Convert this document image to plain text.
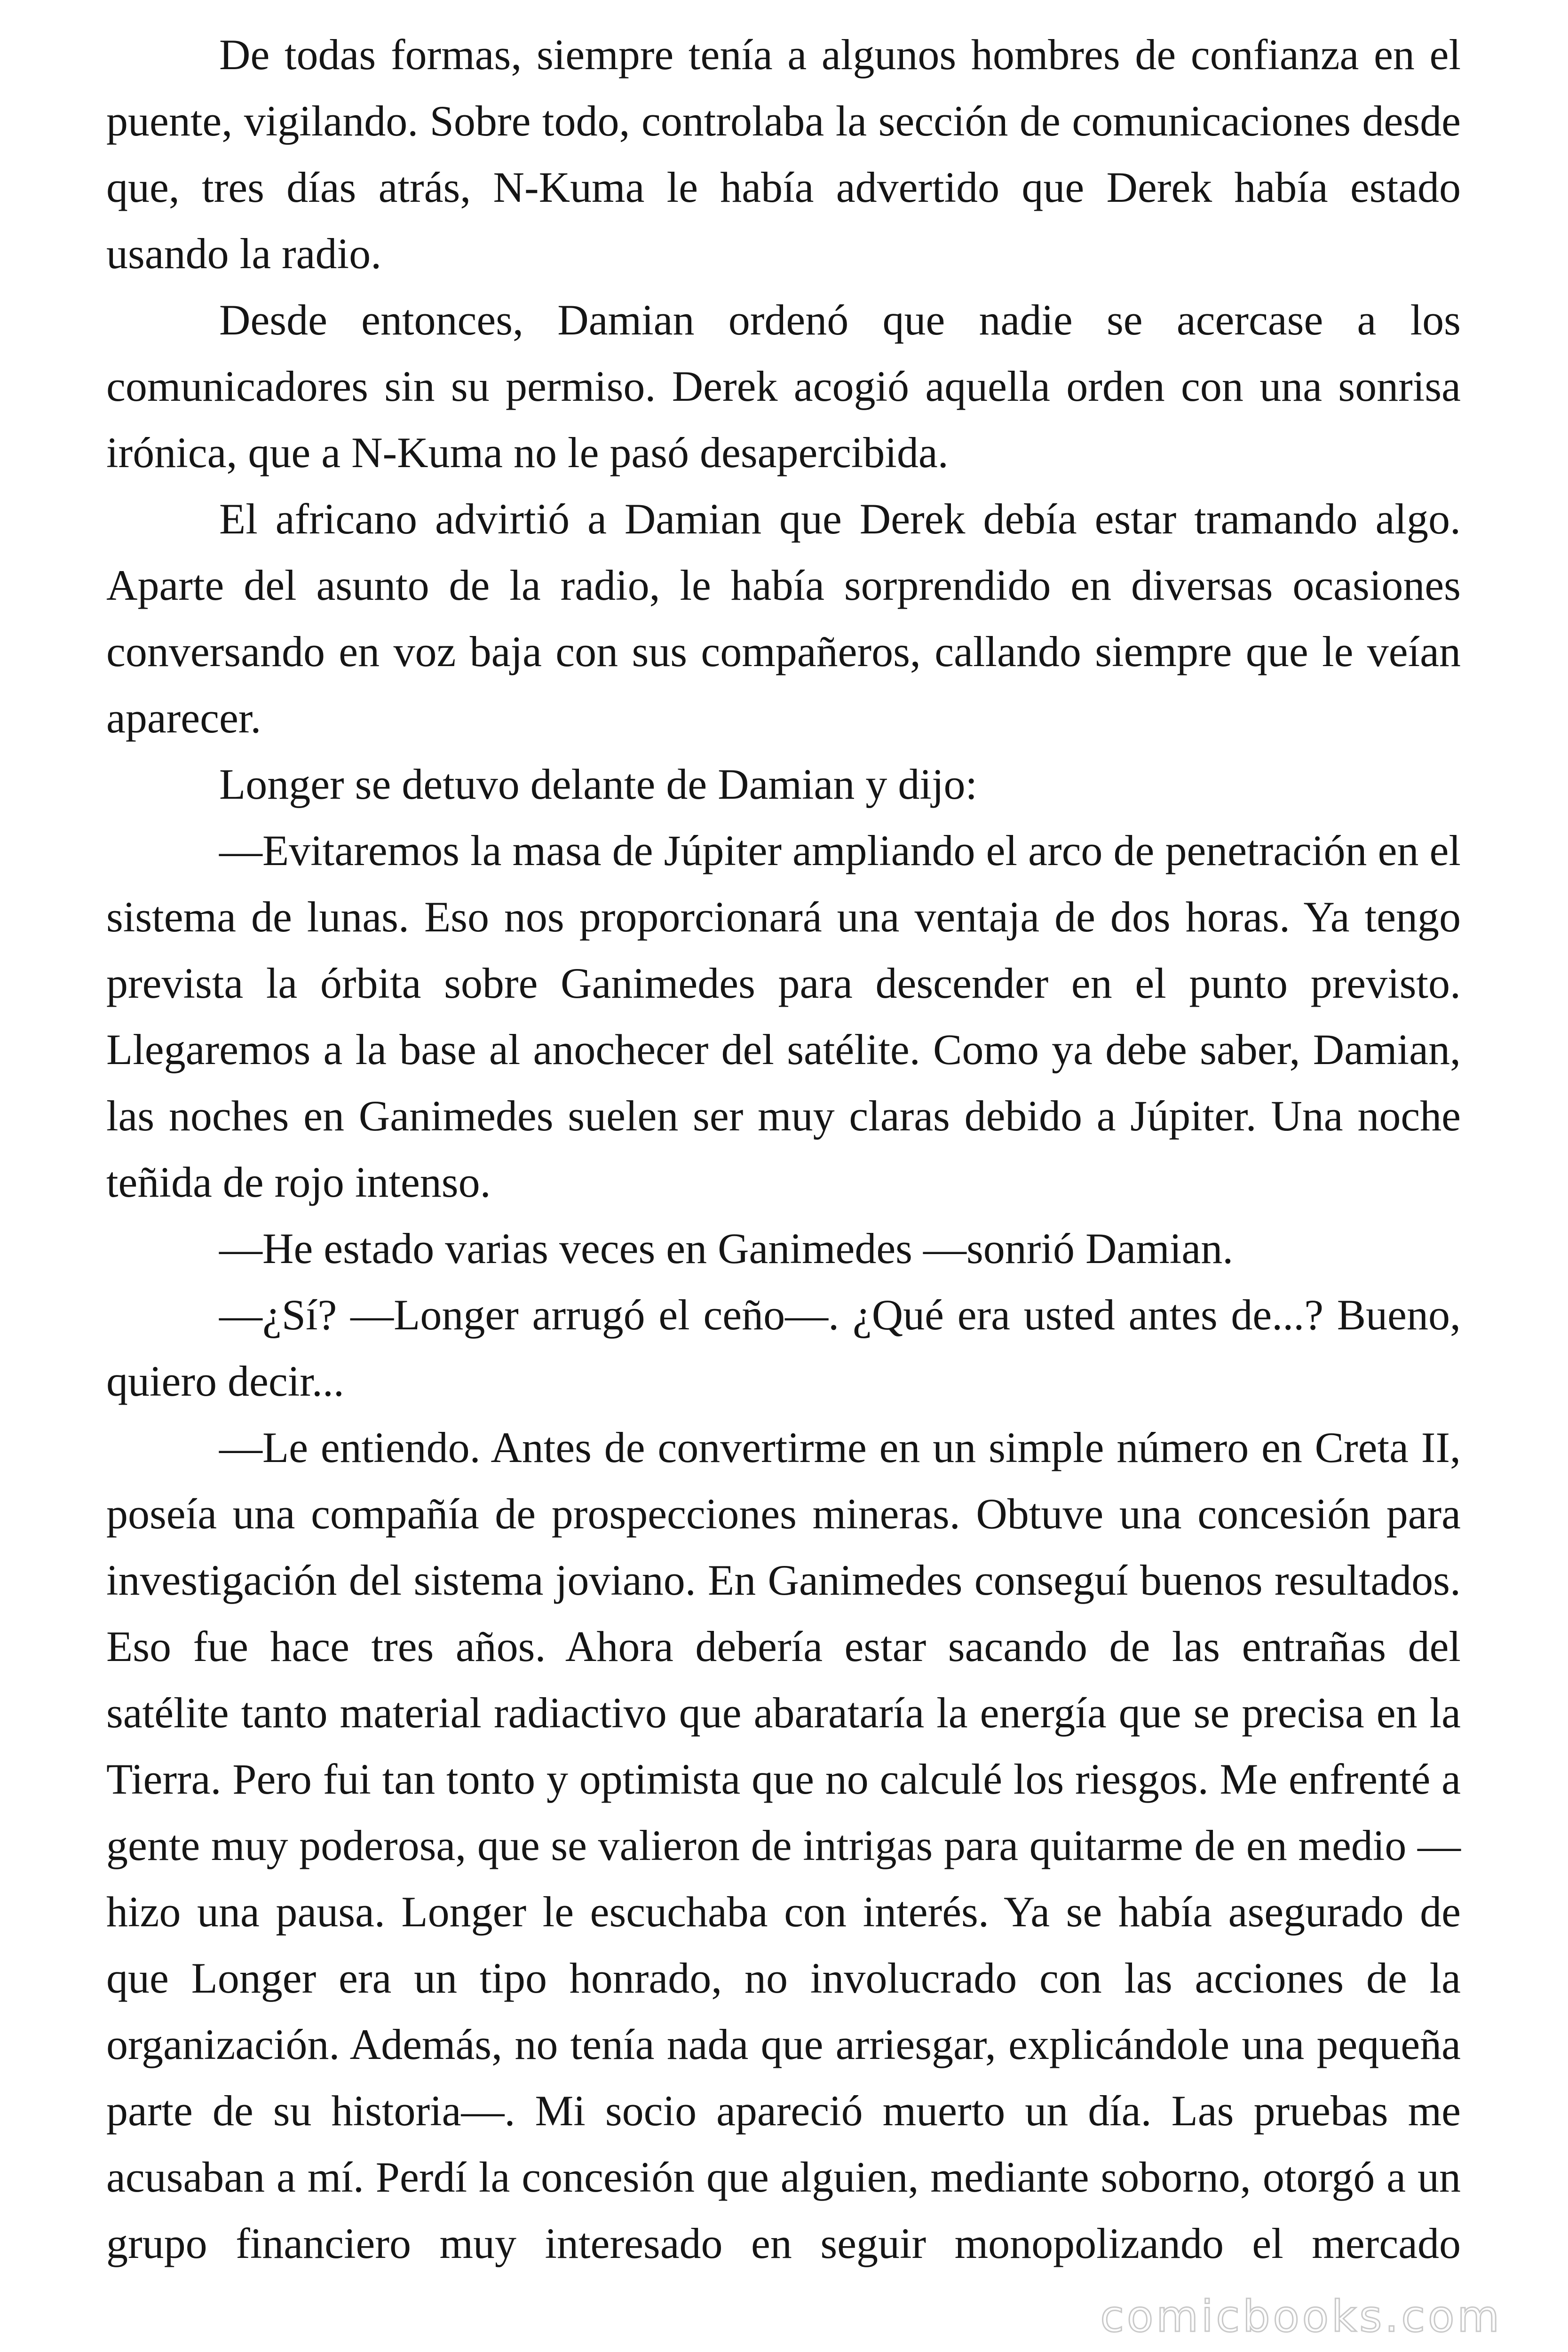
De todas formas, siempre tenía a algunos hombres de confianza en el puente, vigilando. Sobre todo, controlaba la sección de comunicaciones desde que, tres días atrás, N-Kuma le había advertido que Derek había estado usando la radio.

Desde entonces, Damian ordenó que nadie se acercase a los comunicadores sin su permiso. Derek acogió aquella orden con una sonrisa irónica, que a N-Kuma no le pasó desapercibida.

El africano advirtió a Damian que Derek debía estar tramando algo. Aparte del asunto de la radio, le había sorprendido en diversas ocasiones conversando en voz baja con sus compañeros, callando siempre que le veían aparecer.

Longer se detuvo delante de Damian y dijo:

—Evitaremos la masa de Júpiter ampliando el arco de penetración en el sistema de lunas. Eso nos proporcionará una ventaja de dos horas. Ya tengo prevista la órbita sobre Ganimedes para descender en el punto previsto. Llegaremos a la base al anochecer del satélite. Como ya debe saber, Damian, las noches en Ganimedes suelen ser muy claras debido a Júpiter. Una noche teñida de rojo intenso.

—He estado varias veces en Ganimedes —sonrió Damian.

—¿Sí? —Longer arrugó el ceño—. ¿Qué era usted antes de...? Bueno, quiero decir...

—Le entiendo. Antes de convertirme en un simple número en Creta II, poseía una compañía de prospecciones mineras. Obtuve una concesión para investigación del sistema joviano. En Ganimedes conseguí buenos resultados. Eso fue hace tres años. Ahora debería estar sacando de las entrañas del satélite tanto material radiactivo que abarataría la energía que se precisa en la Tierra. Pero fui tan tonto y optimista que no calculé los riesgos. Me enfrenté a gente muy poderosa, que se valieron de intrigas para quitarme de en medio —hizo una pausa. Longer le escuchaba con interés. Ya se había asegurado de que Longer era un tipo honrado, no involucrado con las acciones de la organización. Además, no tenía nada que arriesgar, explicándole una pequeña parte de su historia—. Mi socio apareció muerto un día. Las pruebas me acusaban a mí. Perdí la concesión que alguien, mediante soborno, otorgó a un grupo financiero muy interesado en seguir monopolizando el mercado

comicbooks.com
